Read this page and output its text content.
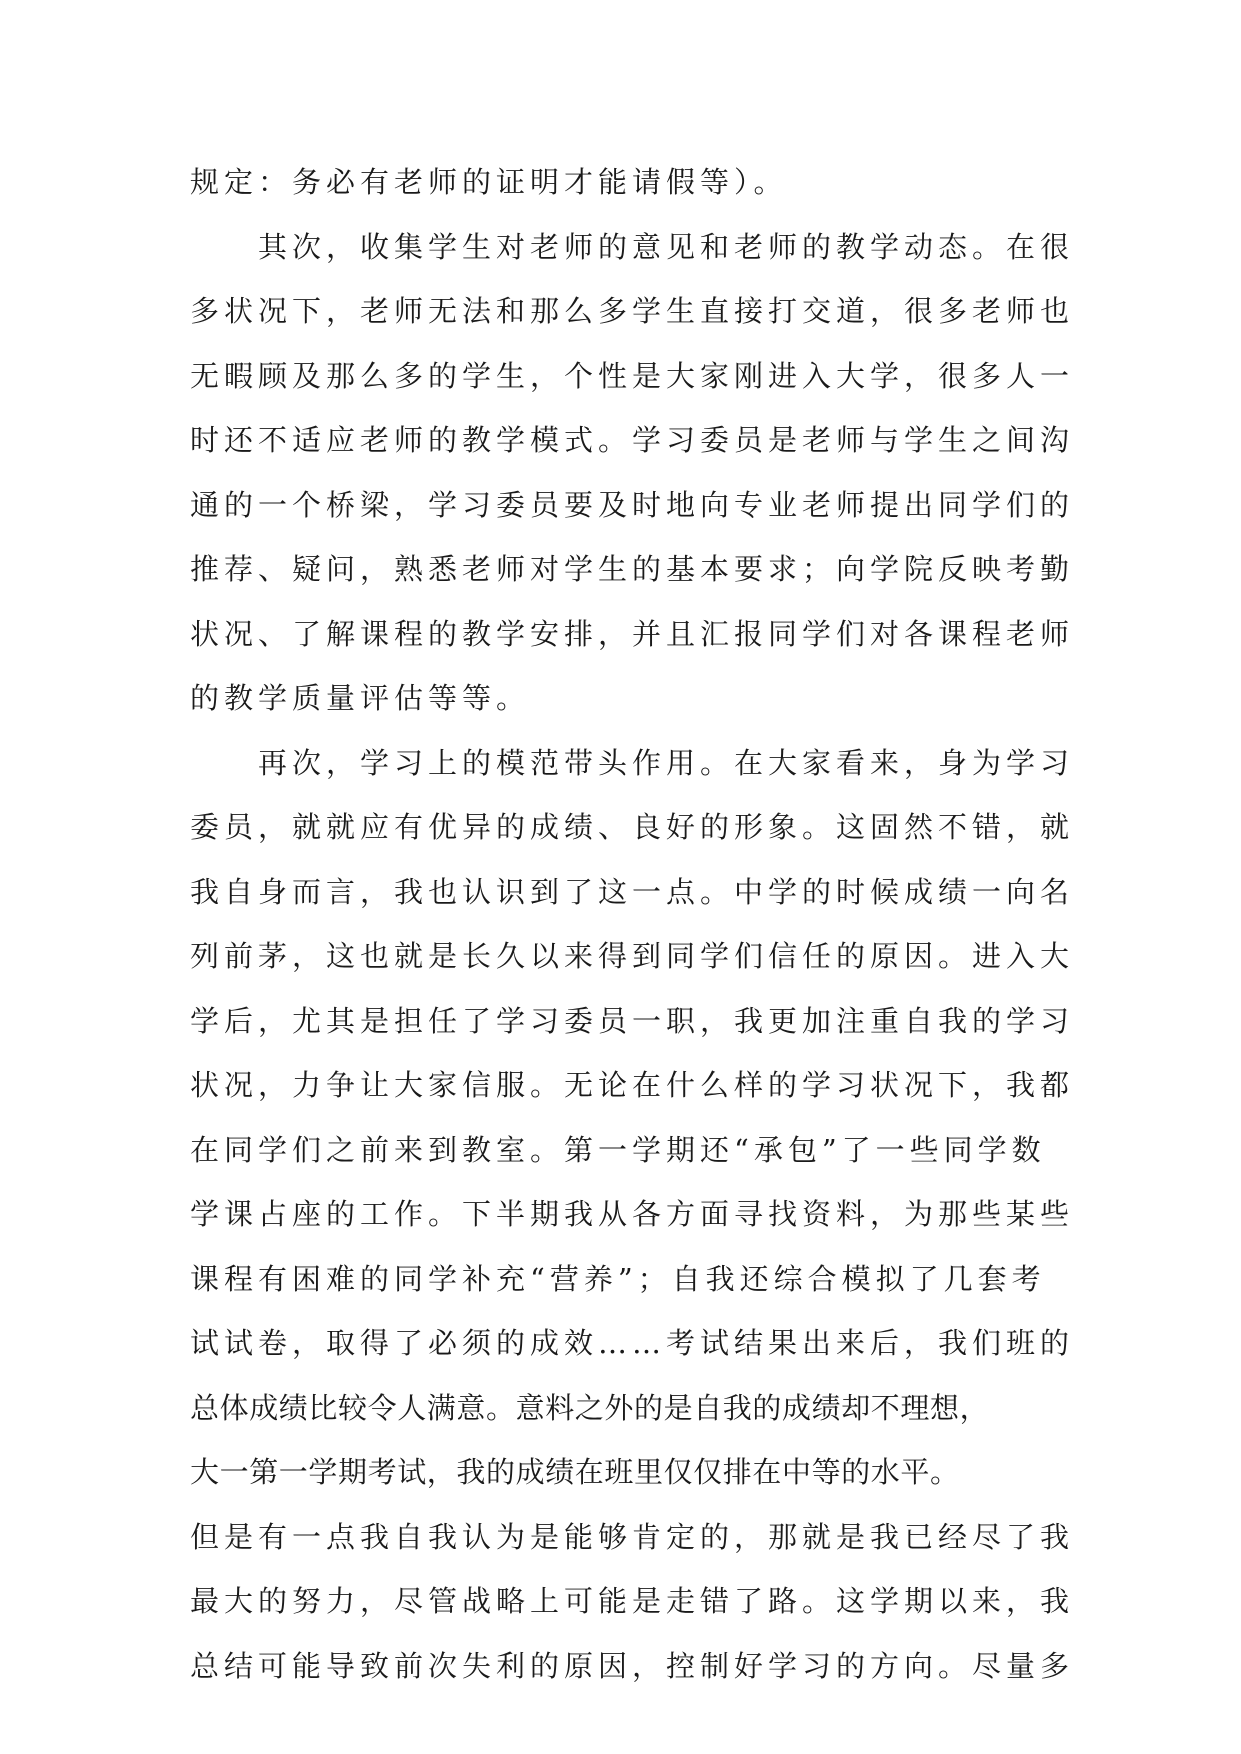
规定：务必有老师的证明才能请假等）。
其次，收集学生对老师的意见和老师的教学动态。在很
多状况下，老师无法和那么多学生直接打交道，很多老师也
无暇顾及那么多的学生，个性是大家刚进入大学，很多人一
时还不适应老师的教学模式。学习委员是老师与学生之间沟
通的一个桥梁，学习委员要及时地向专业老师提出同学们的
推荐、疑问，熟悉老师对学生的基本要求；向学院反映考勤
状况、了解课程的教学安排，并且汇报同学们对各课程老师
的教学质量评估等等。
再次，学习上的模范带头作用。在大家看来，身为学习
委员，就就应有优异的成绩、良好的形象。这固然不错，就
我自身而言，我也认识到了这一点。中学的时候成绩一向名
列前茅，这也就是长久以来得到同学们信任的原因。进入大
学后，尤其是担任了学习委员一职，我更加注重自我的学习
状况，力争让大家信服。无论在什么样的学习状况下，我都
在同学们之前来到教室。第一学期还“承包”了一些同学数
学课占座的工作。下半期我从各方面寻找资料，为那些某些
课程有困难的同学补充“营养”；自我还综合模拟了几套考
试试卷，取得了必须的成效……考试结果出来后，我们班的
总体成绩比较令人满意。意料之外的是自我的成绩却不理想，
大一第一学期考试，我的成绩在班里仅仅排在中等的水平。
但是有一点我自我认为是能够肯定的，那就是我已经尽了我
最大的努力，尽管战略上可能是走错了路。这学期以来，我
总结可能导致前次失利的原因，控制好学习的方向。尽量多
